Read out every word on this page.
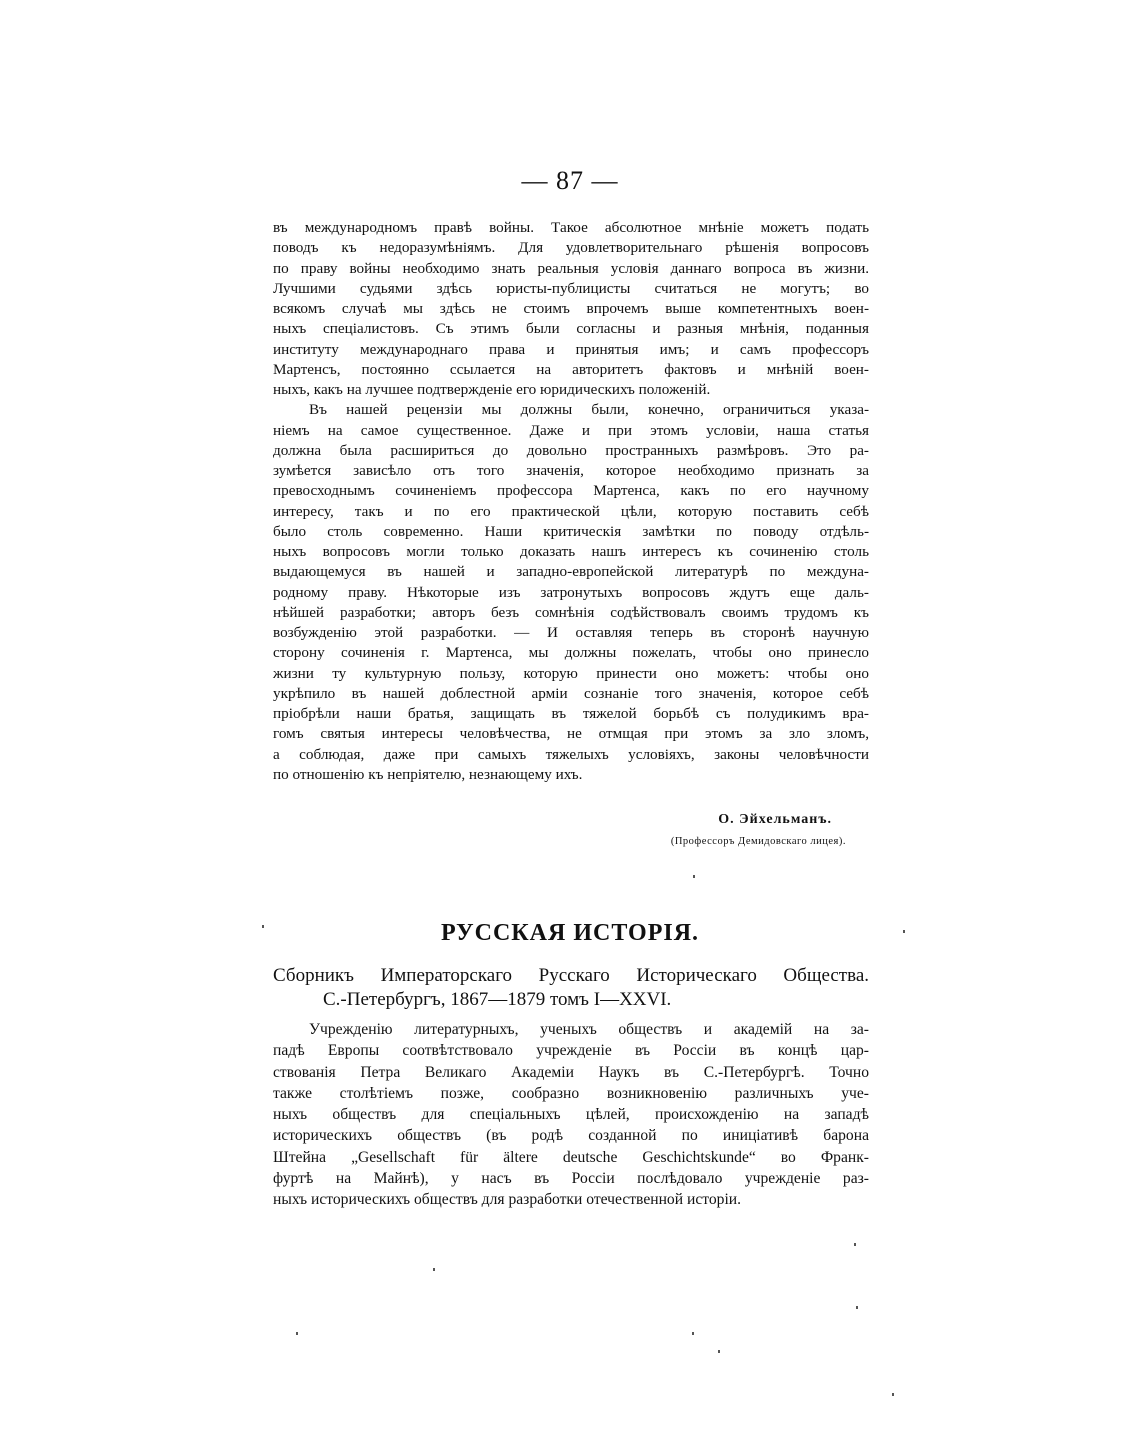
— 87 —
въ международномъ правѣ войны. Такое абсолютное мнѣніе можетъ подать
поводъ къ недоразумѣніямъ. Для удовлетворительнаго рѣшенія вопросовъ
по праву войны необходимо знать реальныя условія даннаго вопроса въ жизни.
Лучшими судьями здѣсь юристы-публицисты считаться не могутъ; во
всякомъ случаѣ мы здѣсь не стоимъ впрочемъ выше компетентныхъ воен-
ныхъ спеціалистовъ. Съ этимъ были согласны и разныя мнѣнія, поданныя
институту международнаго права и принятыя имъ; и самъ профессоръ
Мартенсъ, постоянно ссылается на авторитетъ фактовъ и мнѣній воен-
ныхъ, какъ на лучшее подтвержденіе его юридическихъ положеній.
Въ нашей рецензіи мы должны были, конечно, ограничиться указа-
ніемъ на самое существенное. Даже и при этомъ условіи, наша статья
должна была расшириться до довольно пространныхъ размѣровъ. Это ра-
зумѣется зависѣло отъ того значенія, которое необходимо признать за
превосходнымъ сочиненіемъ профессора Мартенса, какъ по его научному
интересу, такъ и по его практической цѣли, которую поставить себѣ
было столь современно. Наши критическія замѣтки по поводу отдѣль-
ныхъ вопросовъ могли только доказать нашъ интересъ къ сочиненію столь
выдающемуся въ нашей и западно-европейской литературѣ по междуна-
родному праву. Нѣкоторые изъ затронутыхъ вопросовъ ждутъ еще даль-
нѣйшей разработки; авторъ безъ сомнѣнія содѣйствовалъ своимъ трудомъ къ
возбужденію этой разработки. — И оставляя теперь въ сторонѣ научную
сторону сочиненія г. Мартенса, мы должны пожелать, чтобы оно принесло
жизни ту культурную пользу, которую принести оно можетъ: чтобы оно
укрѣпило въ нашей доблестной арміи сознаніе того значенія, которое себѣ
пріобрѣли наши братья, защищать въ тяжелой борьбѣ съ полудикимъ вра-
гомъ святыя интересы человѣчества, не отмщая при этомъ за зло зломъ,
а соблюдая, даже при самыхъ тяжелыхъ условіяхъ, законы человѣчности
по отношенію къ непріятелю, незнающему ихъ.
О. Эйхельманъ.
(Профессоръ Демидовскаго лицея).
РУССКАЯ ИСТОРІЯ.
Сборникъ Императорскаго Русскаго Историческаго Общества.
С.-Петербургъ, 1867—1879 томъ I—XXVI.
Учрежденію литературныхъ, ученыхъ обществъ и академій на за-
падѣ Европы соотвѣтствовало учрежденіе въ Россіи въ концѣ цар-
ствованія Петра Великаго Академіи Наукъ въ С.-Петербургѣ. Точно
также столѣтіемъ позже, сообразно возникновенію различныхъ уче-
ныхъ обществъ для спеціальныхъ цѣлей, происхожденію на западѣ
историческихъ обществъ (въ родѣ созданной по иниціативѣ барона
Штейна „Gesellschaft für ältere deutsche Geschichtskunde“ во Франк-
фуртѣ на Майнѣ), у насъ въ Россіи послѣдовало учрежденіе раз-
ныхъ историческихъ обществъ для разработки отечественной исторіи.
